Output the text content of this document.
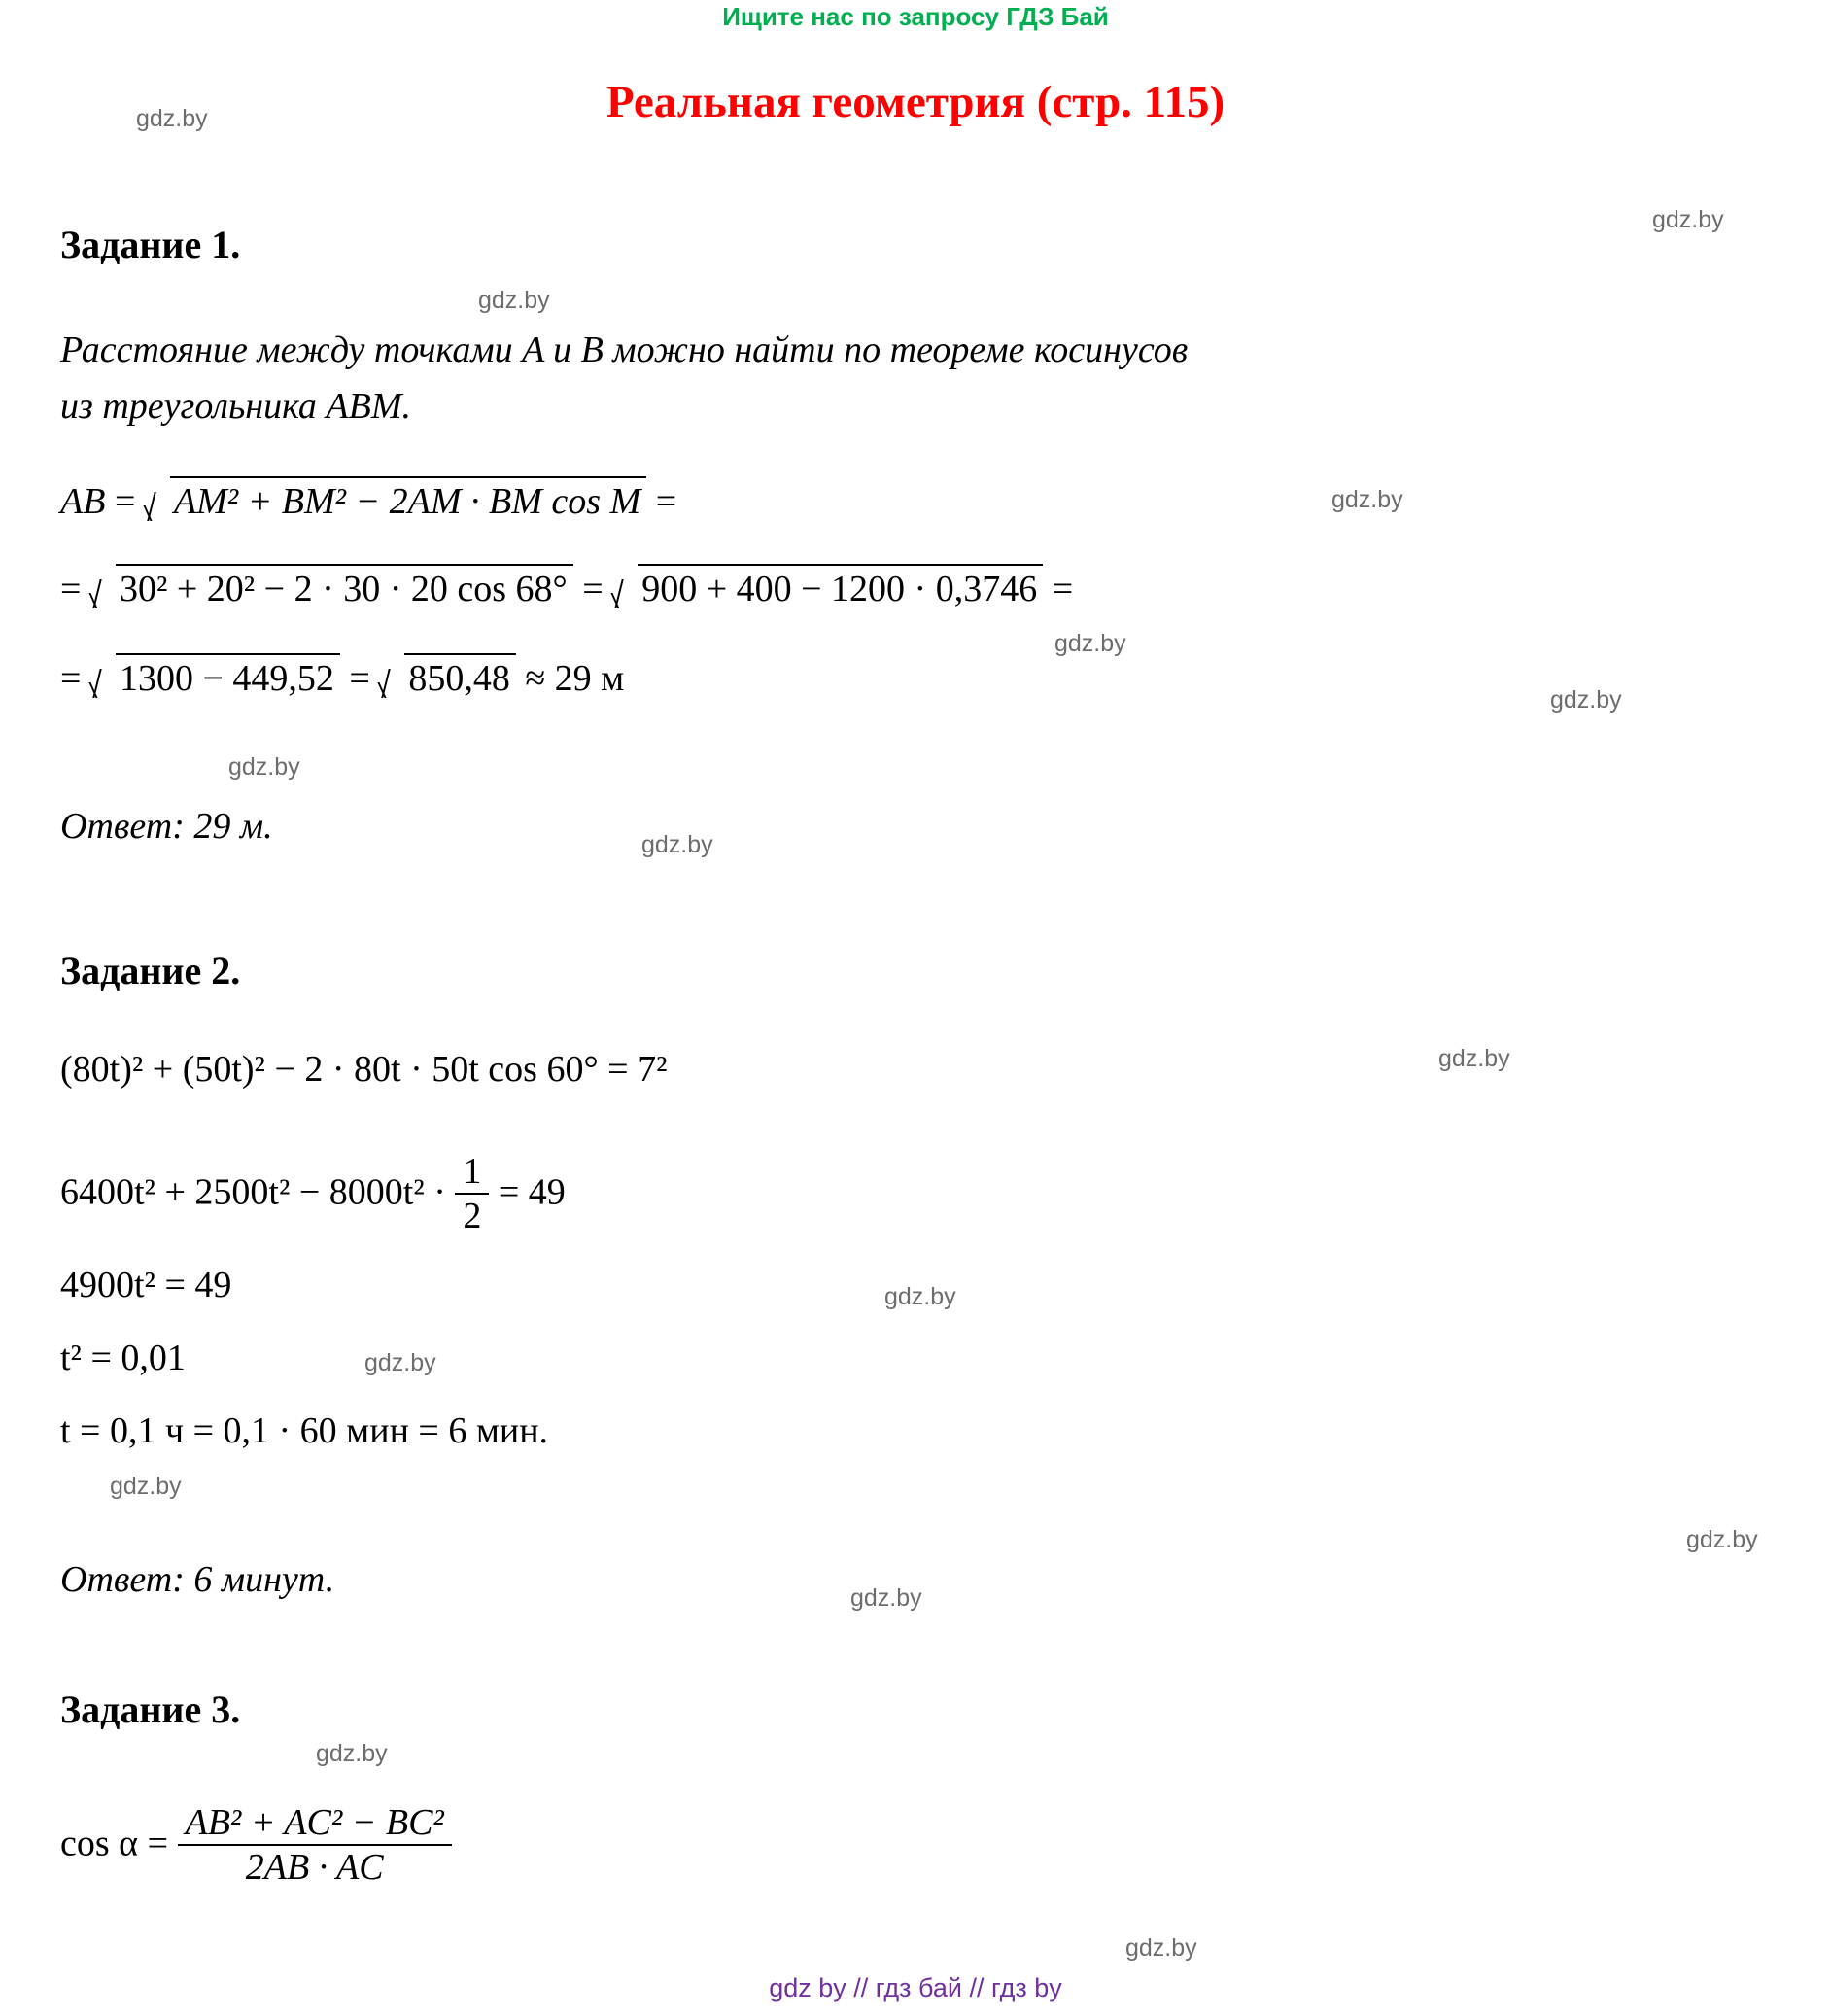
Ищите нас по запросу ГДЗ Бай
Реальная геометрия (стр. 115)
Задание 1.
Расстояние между точками A и B можно найти по теореме косинусов
из треугольника ABM.
AB = AM² + BM² − 2AM · BM cos M =
= 30² + 20² − 2 · 30 · 20 cos 68° = 900 + 400 − 1200 · 0,3746 =
= 1300 − 449,52 = 850,48 ≈ 29 м
Ответ: 29 м.
Задание 2.
(80t)² + (50t)² − 2 · 80t · 50t cos 60° = 7²
$6400t^2 + 2500t^2 - 8000t^2 \cdot \frac{1}{2} = 49$
4900t² = 49
t² = 0,01
t = 0,1 ч = 0,1 · 60 мин = 6 мин.
Ответ: 6 минут.
Задание 3.
$\cos \alpha = \frac{\text{AB² + AC² − BC²}}{2AB \cdot AC}$
gdz by // гдз бай // гдз by
gdz.by
gdz.by
gdz.by
gdz.by
gdz.by
gdz.by
gdz.by
gdz.by
gdz.by
gdz.by
gdz.by
gdz.by
gdz.by
gdz.by
gdz.by
gdz.by
